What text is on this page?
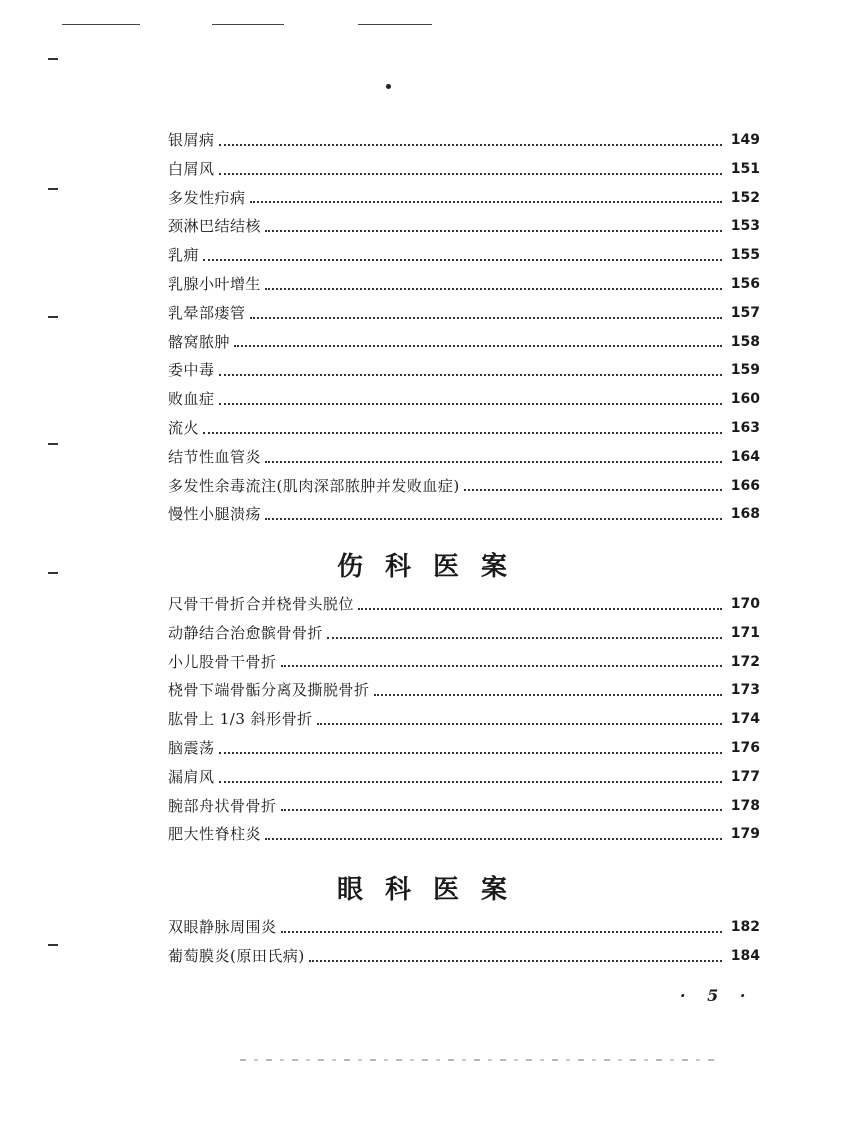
银屑病	149
白屑风	151
多发性疖病	152
颈淋巴结结核	153
乳痈	155
乳腺小叶增生	156
乳晕部瘘管	157
髂窝脓肿	158
委中毒	159
败血症	160
流火	163
结节性血管炎	164
多发性余毒流注(肌肉深部脓肿并发败血症)	166
慢性小腿溃疡	168
伤科医案
尺骨干骨折合并桡骨头脱位	170
动静结合治愈髌骨骨折	171
小儿股骨干骨折	172
桡骨下端骨骺分离及撕脱骨折	173
肱骨上 1/3 斜形骨折	174
脑震荡	176
漏肩风	177
腕部舟状骨骨折	178
肥大性脊柱炎	179
眼科医案
双眼静脉周围炎	182
葡萄膜炎(原田氏病)	184
· 5 ·
